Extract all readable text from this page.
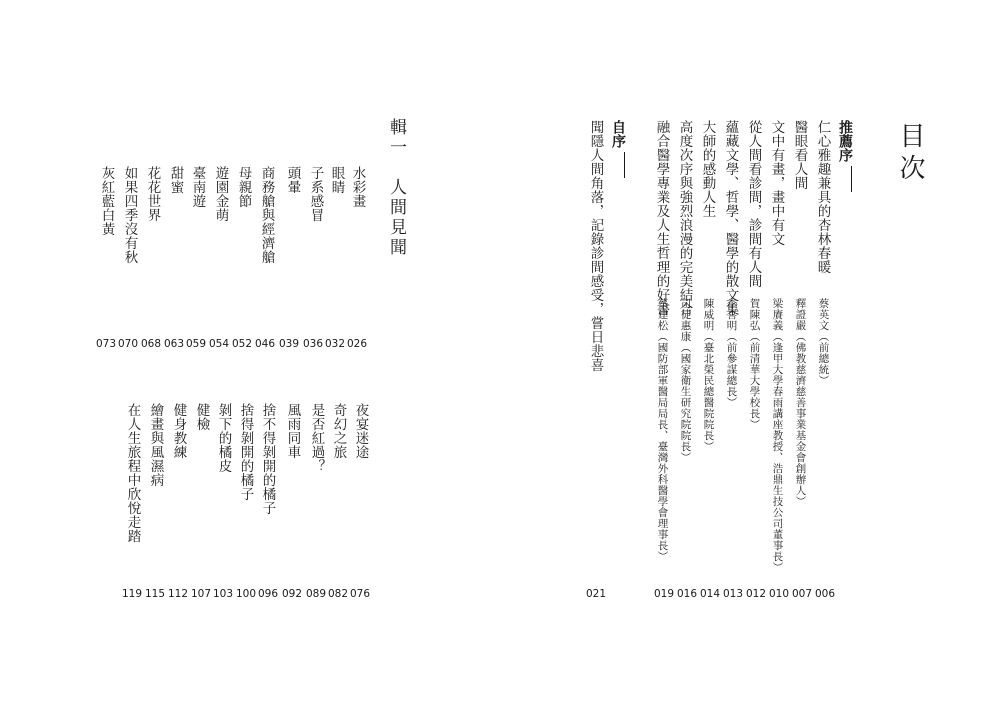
目次
推薦序
自序
輯一　人間見聞	仁心雅趣兼具的杏林春暖
醫眼看人間
文中有畫，畫中有文
從人間看診間，診間有人間
蘊藏文學、哲學、醫學的散文集
大師的感動人生
高度次序與強烈浪漫的完美結合
融合醫學專業及人生哲理的好書
聞隱人間角落，記錄診間感受，嘗日悲喜	蔡英文（前總統）
釋證嚴（佛教慈濟慈善事業基金會創辦人）
梁賡義（逢甲大學春雨講座教授、浩鼎生技公司董事長）
賀陳弘（前清華大學校長）
李喜明（前參謀總長）
陳威明（臺北榮民總醫院院長）
司徒惠康（國家衛生研究院院長）
蔡建松（國防部軍醫局局長、臺灣外科醫學會理事長）
006
007
010
012
013
014
016
019
021
水彩畫
眼睛
子系感冒
頭暈
商務艙與經濟艙
母親節
遊園金萌
臺南遊
甜蜜
花花世界
如果四季沒有秋
灰紅藍白黃
026
032
036
039
046
052
054
059
063
068
070
073
夜宴迷途
奇幻之旅
是否紅過？
風雨同車
捨不得剝開的橘子
捨得剝開的橘子
剝下的橘皮
健檢
健身教練
繪畫與風濕病
在人生旅程中欣悅走踏
076
082
089
092
096
100
103
107
112
115
119
